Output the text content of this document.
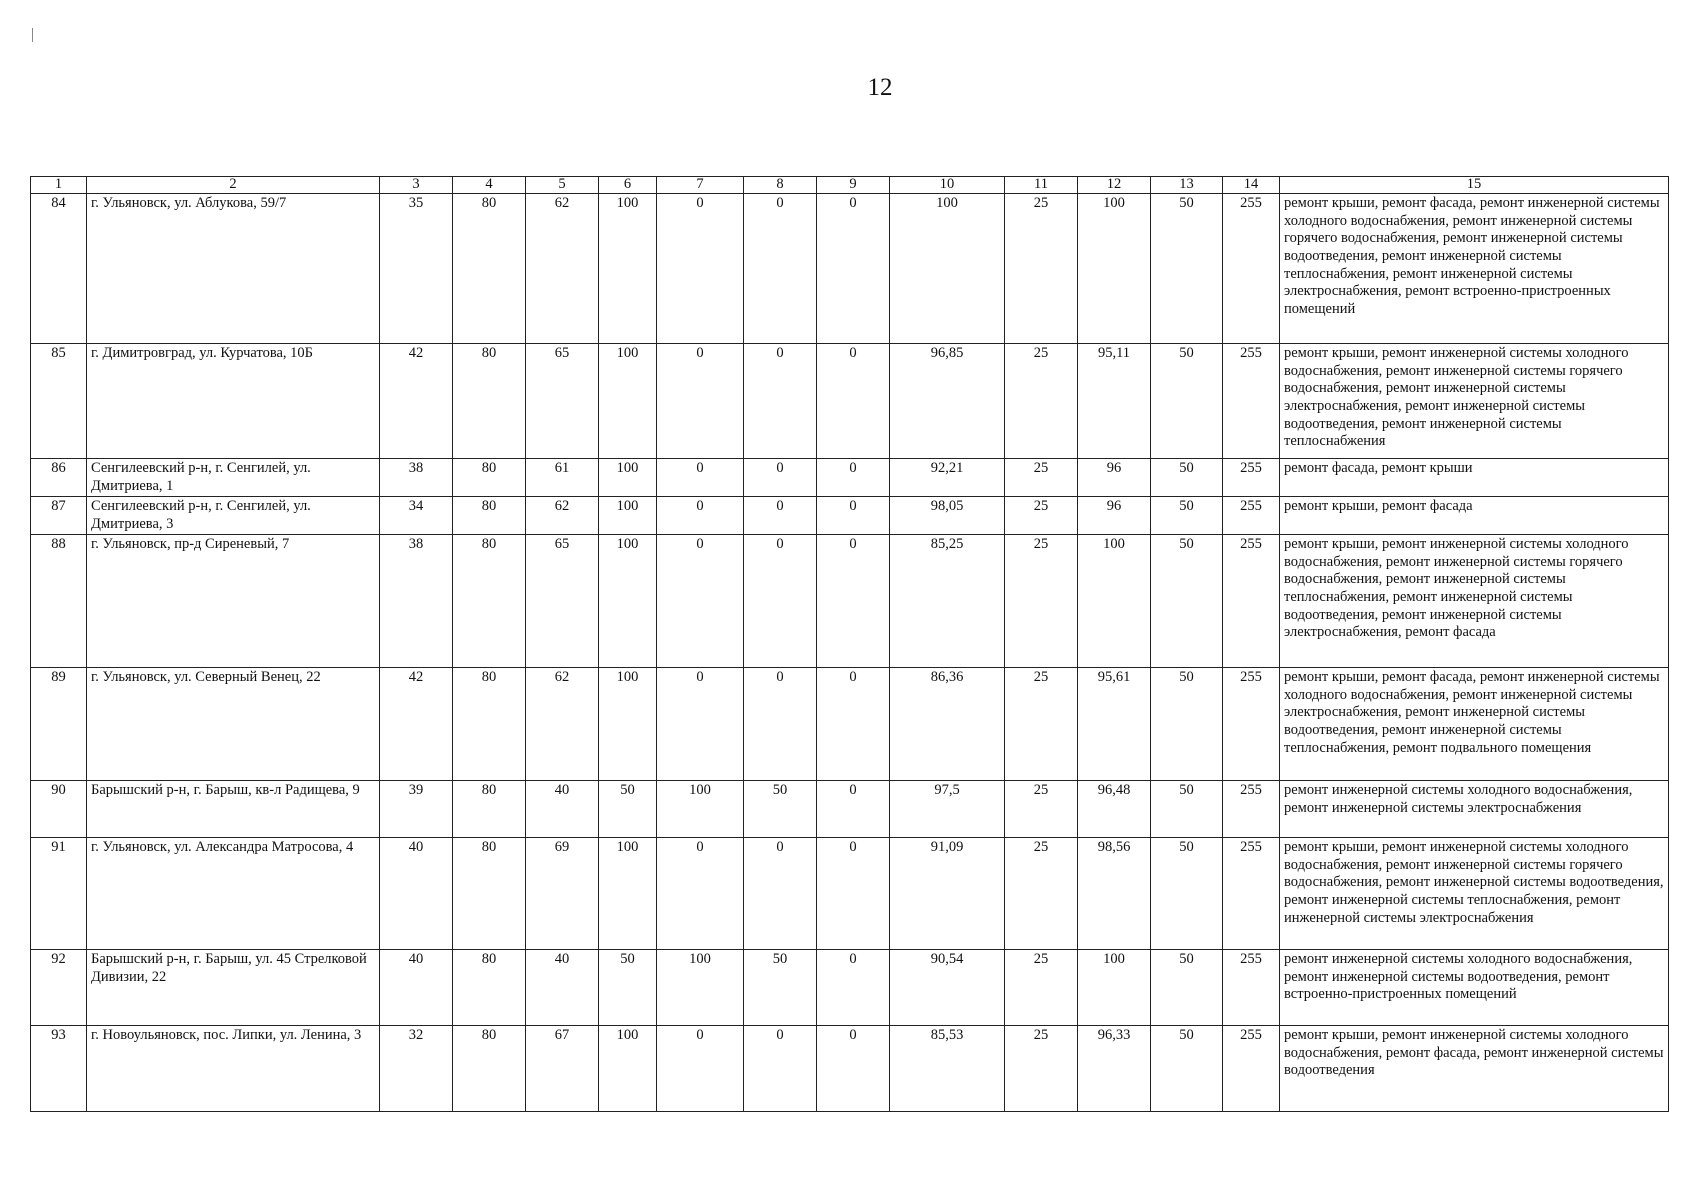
12
1	2	3	4	5	6	7	8	9	10	11	12	13	14	15
84	г. Ульяновск, ул. Аблукова, 59/7	35	80	62	100	0	0	0	100	25	100	50	255	ремонт крыши, ремонт фасада, ремонт инженерной системы холодного водоснабжения, ремонт инженерной системы горячего водоснабжения, ремонт инженерной системы водоотведения, ремонт инженерной системы теплоснабжения, ремонт инженерной системы электроснабжения, ремонт встроенно-пристроенных помещений
85	г. Димитровград, ул. Курчатова, 10Б	42	80	65	100	0	0	0	96,85	25	95,11	50	255	ремонт крыши, ремонт инженерной системы холодного водоснабжения, ремонт инженерной системы горячего водоснабжения, ремонт инженерной системы электроснабжения, ремонт инженерной системы водоотведения, ремонт инженерной системы теплоснабжения
86	Сенгилеевский р-н, г. Сенгилей, ул. Дмитриева, 1	38	80	61	100	0	0	0	92,21	25	96	50	255	ремонт фасада, ремонт крыши
87	Сенгилеевский р-н, г. Сенгилей, ул. Дмитриева, 3	34	80	62	100	0	0	0	98,05	25	96	50	255	ремонт крыши, ремонт фасада
88	г. Ульяновск, пр-д Сиреневый, 7	38	80	65	100	0	0	0	85,25	25	100	50	255	ремонт крыши, ремонт инженерной системы холодного водоснабжения, ремонт инженерной системы горячего водоснабжения, ремонт инженерной системы теплоснабжения, ремонт инженерной системы водоотведения, ремонт инженерной системы электроснабжения, ремонт фасада
89	г. Ульяновск, ул. Северный Венец, 22	42	80	62	100	0	0	0	86,36	25	95,61	50	255	ремонт крыши, ремонт фасада, ремонт инженерной системы холодного водоснабжения, ремонт инженерной системы электроснабжения, ремонт инженерной системы водоотведения, ремонт инженерной системы теплоснабжения, ремонт подвального помещения
90	Барышский р-н, г. Барыш, кв-л Радищева, 9	39	80	40	50	100	50	0	97,5	25	96,48	50	255	ремонт инженерной системы холодного водоснабжения, ремонт инженерной системы электроснабжения
91	г. Ульяновск, ул. Александра Матросова, 4	40	80	69	100	0	0	0	91,09	25	98,56	50	255	ремонт крыши, ремонт инженерной системы холодного водоснабжения, ремонт инженерной системы горячего водоснабжения, ремонт инженерной системы водоотведения, ремонт инженерной системы теплоснабжения, ремонт инженерной системы электроснабжения
92	Барышский р-н, г. Барыш, ул. 45 Стрелковой Дивизии, 22	40	80	40	50	100	50	0	90,54	25	100	50	255	ремонт инженерной системы холодного водоснабжения, ремонт инженерной системы водоотведения, ремонт встроенно-пристроенных помещений
93	г. Новоульяновск, пос. Липки, ул. Ленина, 3	32	80	67	100	0	0	0	85,53	25	96,33	50	255	ремонт крыши, ремонт инженерной системы холодного водоснабжения, ремонт фасада, ремонт инженерной системы водоотведения
